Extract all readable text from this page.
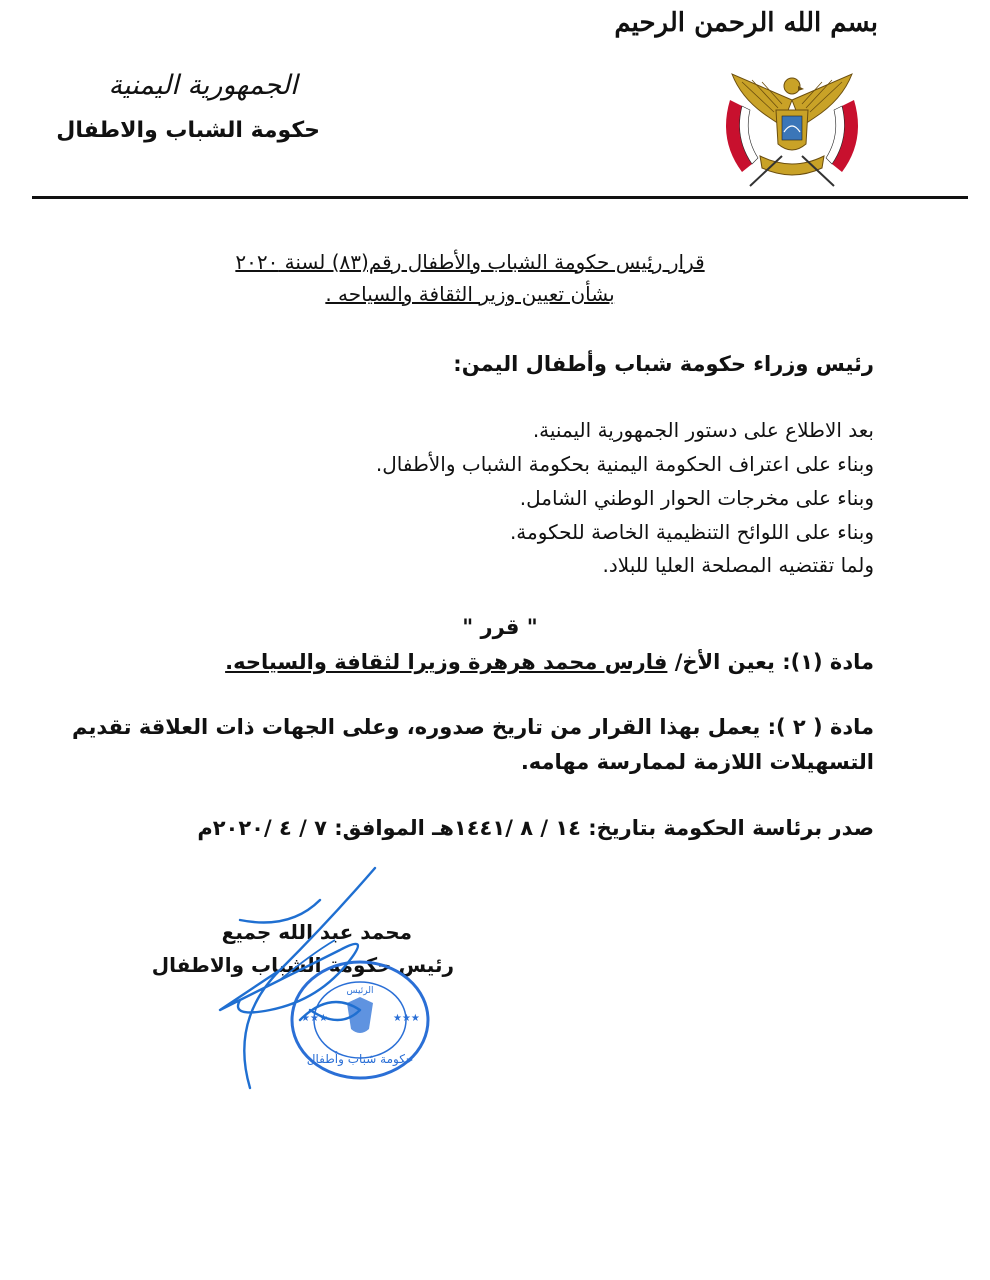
بسم الله الرحمن الرحيم
الجمهورية اليمنية
حكومة الشباب والاطفال
قرار رئيس حكومة الشباب والأطفال رقم(٨٣) لسنة ٢٠٢٠
بشأن تعيين وزير الثقافة والسياحه .
رئيس وزراء حكومة شباب وأطفال اليمن:
بعد الاطلاع على دستور الجمهورية اليمنية.
وبناء على اعتراف الحكومة اليمنية بحكومة الشباب والأطفال.
وبناء على مخرجات الحوار الوطني الشامل.
وبناء على اللوائح التنظيمية الخاصة للحكومة.
ولما تقتضيه المصلحة العليا للبلاد.
" قرر "
مادة (١): يعين الأخ/ فارس محمد هرهرة وزيرا لثقافة والسياحه.
مادة ( ٢ ): يعمل بهذا القرار من تاريخ صدوره، وعلى الجهات ذات العلاقة تقديم
التسهيلات اللازمة لممارسة مهامه.
صدر برئاسة الحكومة بتاريخ: ١٤ / ٨ /١٤٤١هـ الموافق: ٧ / ٤ /٢٠٢٠م
محمد عبد الله جميع
رئيس حكومة الشباب والاطفال
★★★	★★★
الرئيس
حكومة شباب وأطفال
